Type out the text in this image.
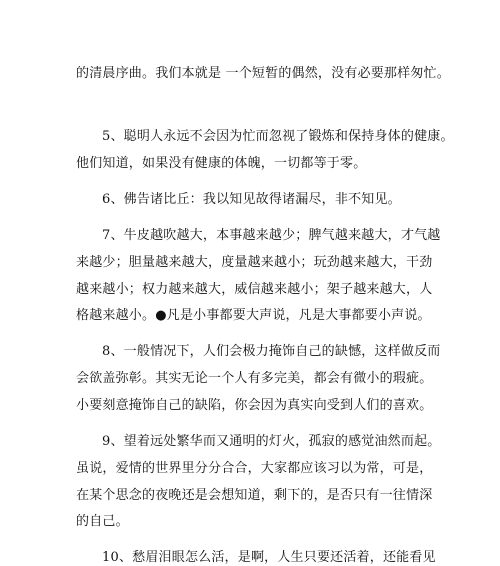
的清晨序曲。我们本就是 一个短暂的偶然，没有必要那样匆忙。
5、聪明人永远不会因为忙而忽视了锻炼和保持身体的健康。
他们知道，如果没有健康的体魄，一切都等于零。
6、佛告诸比丘：我以知见故得诸漏尽，非不知见。
7、牛皮越吹越大，本事越来越少；脾气越来越大，才气越
来越少；胆量越来越大，度量越来越小；玩劲越来越大，干劲
越来越小；权力越来越大，威信越来越小；架子越来越大，人
格越来越小。●凡是小事都要大声说，凡是大事都要小声说。
8、一般情况下，人们会极力掩饰自己的缺憾，这样做反而
会欲盖弥彰。其实无论一个人有多完美，都会有微小的瑕疵。
小要刻意掩饰自己的缺陷，你会因为真实向受到人们的喜欢。
9、望着远处繁华而又通明的灯火，孤寂的感觉油然而起。
虽说，爱情的世界里分分合合，大家都应该习以为常，可是，
在某个思念的夜晚还是会想知道，剩下的，是否只有一往情深
的自己。
10、愁眉泪眼怎么活，是啊，人生只要还活着，还能看见
